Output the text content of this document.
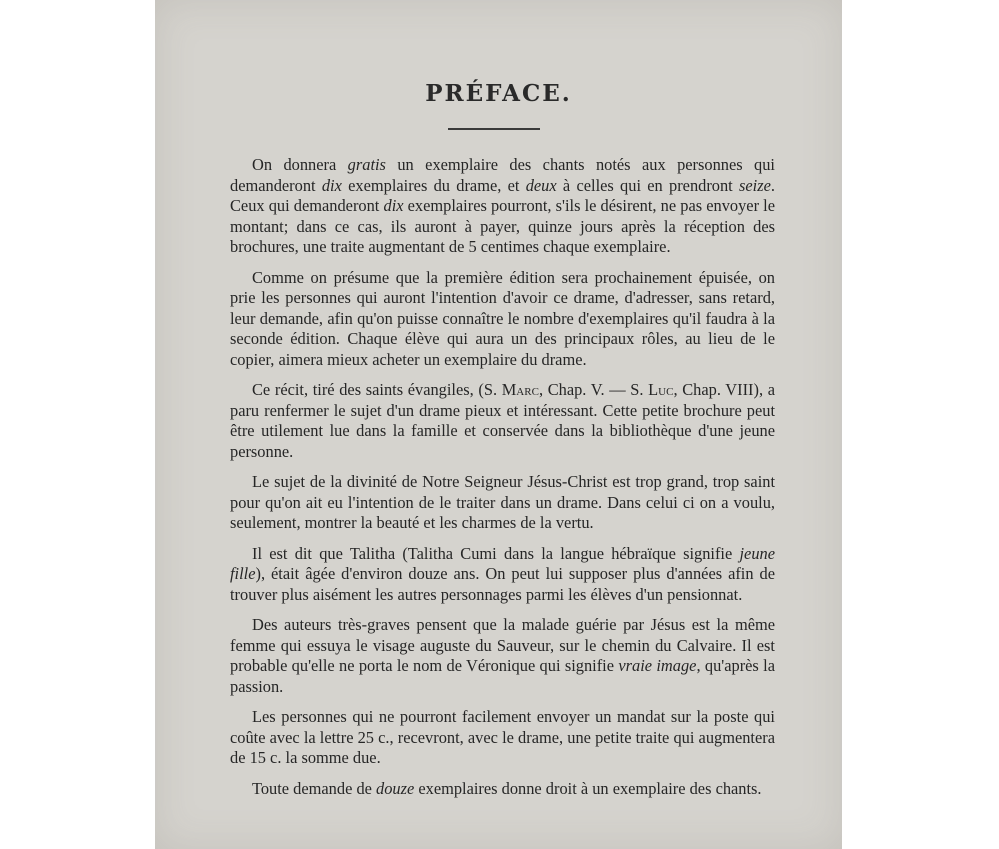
PRÉFACE.

On donnera gratis un exemplaire des chants notés aux personnes qui demanderont dix exemplaires du drame, et deux à celles qui en prendront seize. Ceux qui demanderont dix exemplaires pourront, s'ils le désirent, ne pas envoyer le montant; dans ce cas, ils auront à payer, quinze jours après la réception des brochures, une traite augmentant de 5 centimes chaque exemplaire.

Comme on présume que la première édition sera prochainement épuisée, on prie les personnes qui auront l'intention d'avoir ce drame, d'adresser, sans retard, leur demande, afin qu'on puisse connaître le nombre d'exemplaires qu'il faudra à la seconde édition. Chaque élève qui aura un des principaux rôles, au lieu de le copier, aimera mieux acheter un exemplaire du drame.

Ce récit, tiré des saints évangiles, (S. Marc, Chap. V. — S. Luc, Chap. VIII), a paru renfermer le sujet d'un drame pieux et intéressant. Cette petite brochure peut être utilement lue dans la famille et conservée dans la bibliothèque d'une jeune personne.

Le sujet de la divinité de Notre Seigneur Jésus-Christ est trop grand, trop saint pour qu'on ait eu l'intention de le traiter dans un drame. Dans celui ci on a voulu, seulement, montrer la beauté et les charmes de la vertu.

Il est dit que Talitha (Talitha Cumi dans la langue hébraïque signifie jeune fille), était âgée d'environ douze ans. On peut lui supposer plus d'années afin de trouver plus aisément les autres personnages parmi les élèves d'un pensionnat.

Des auteurs très-graves pensent que la malade guérie par Jésus est la même femme qui essuya le visage auguste du Sauveur, sur le chemin du Calvaire. Il est probable qu'elle ne porta le nom de Véronique qui signifie vraie image, qu'après la passion.

Les personnes qui ne pourront facilement envoyer un mandat sur la poste qui coûte avec la lettre 25 c., recevront, avec le drame, une petite traite qui augmentera de 15 c. la somme due.

Toute demande de douze exemplaires donne droit à un exemplaire des chants.
